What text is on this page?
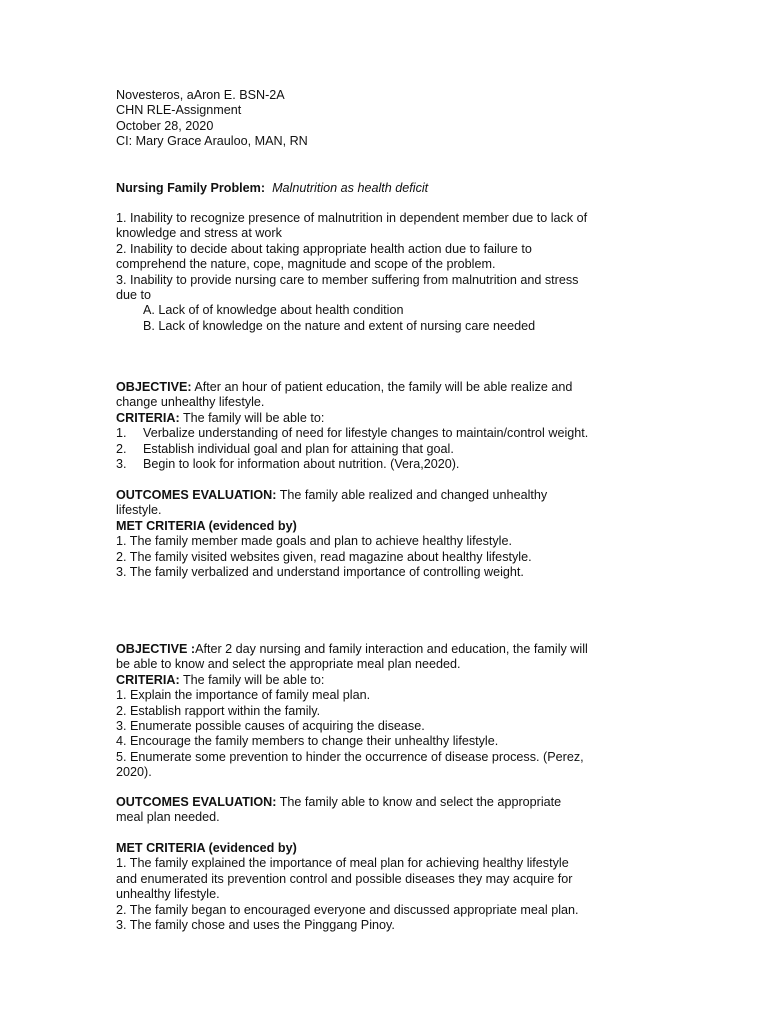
Novesteros, aAron E. BSN-2A
CHN RLE-Assignment
October 28, 2020
CI: Mary Grace Arauloo, MAN, RN
Nursing Family Problem: Malnutrition as health deficit
1. Inability to recognize presence of malnutrition in dependent member due to lack of
knowledge and stress at work
2. Inability to decide about taking appropriate health action due to failure to
comprehend the nature, cope, magnitude and scope of the problem.
3. Inability to provide nursing care to member suffering from malnutrition and stress
due to
A. Lack of of knowledge about health condition
B. Lack of knowledge on the nature and extent of nursing care needed
OBJECTIVE: After an hour of patient education, the family will be able realize and
change unhealthy lifestyle.
CRITERIA: The family will be able to:
1. Verbalize understanding of need for lifestyle changes to maintain/control weight.
2. Establish individual goal and plan for attaining that goal.
3. Begin to look for information about nutrition. (Vera,2020).
OUTCOMES EVALUATION: The family able realized and changed unhealthy
lifestyle.
MET CRITERIA (evidenced by)
1. The family member made goals and plan to achieve healthy lifestyle.
2. The family visited websites given, read magazine about healthy lifestyle.
3. The family verbalized and understand importance of controlling weight.
OBJECTIVE :After 2 day nursing and family interaction and education, the family will
be able to know and select the appropriate meal plan needed.
CRITERIA: The family will be able to:
1. Explain the importance of family meal plan.
2. Establish rapport within the family.
3. Enumerate possible causes of acquiring the disease.
4. Encourage the family members to change their unhealthy lifestyle.
5. Enumerate some prevention to hinder the occurrence of disease process. (Perez,
2020).
OUTCOMES EVALUATION: The family able to know and select the appropriate
meal plan needed.
MET CRITERIA (evidenced by)
1. The family explained the importance of meal plan for achieving healthy lifestyle
and enumerated its prevention control and possible diseases they may acquire for
unhealthy lifestyle.
2. The family began to encouraged everyone and discussed appropriate meal plan.
3. The family chose and uses the Pinggang Pinoy.
